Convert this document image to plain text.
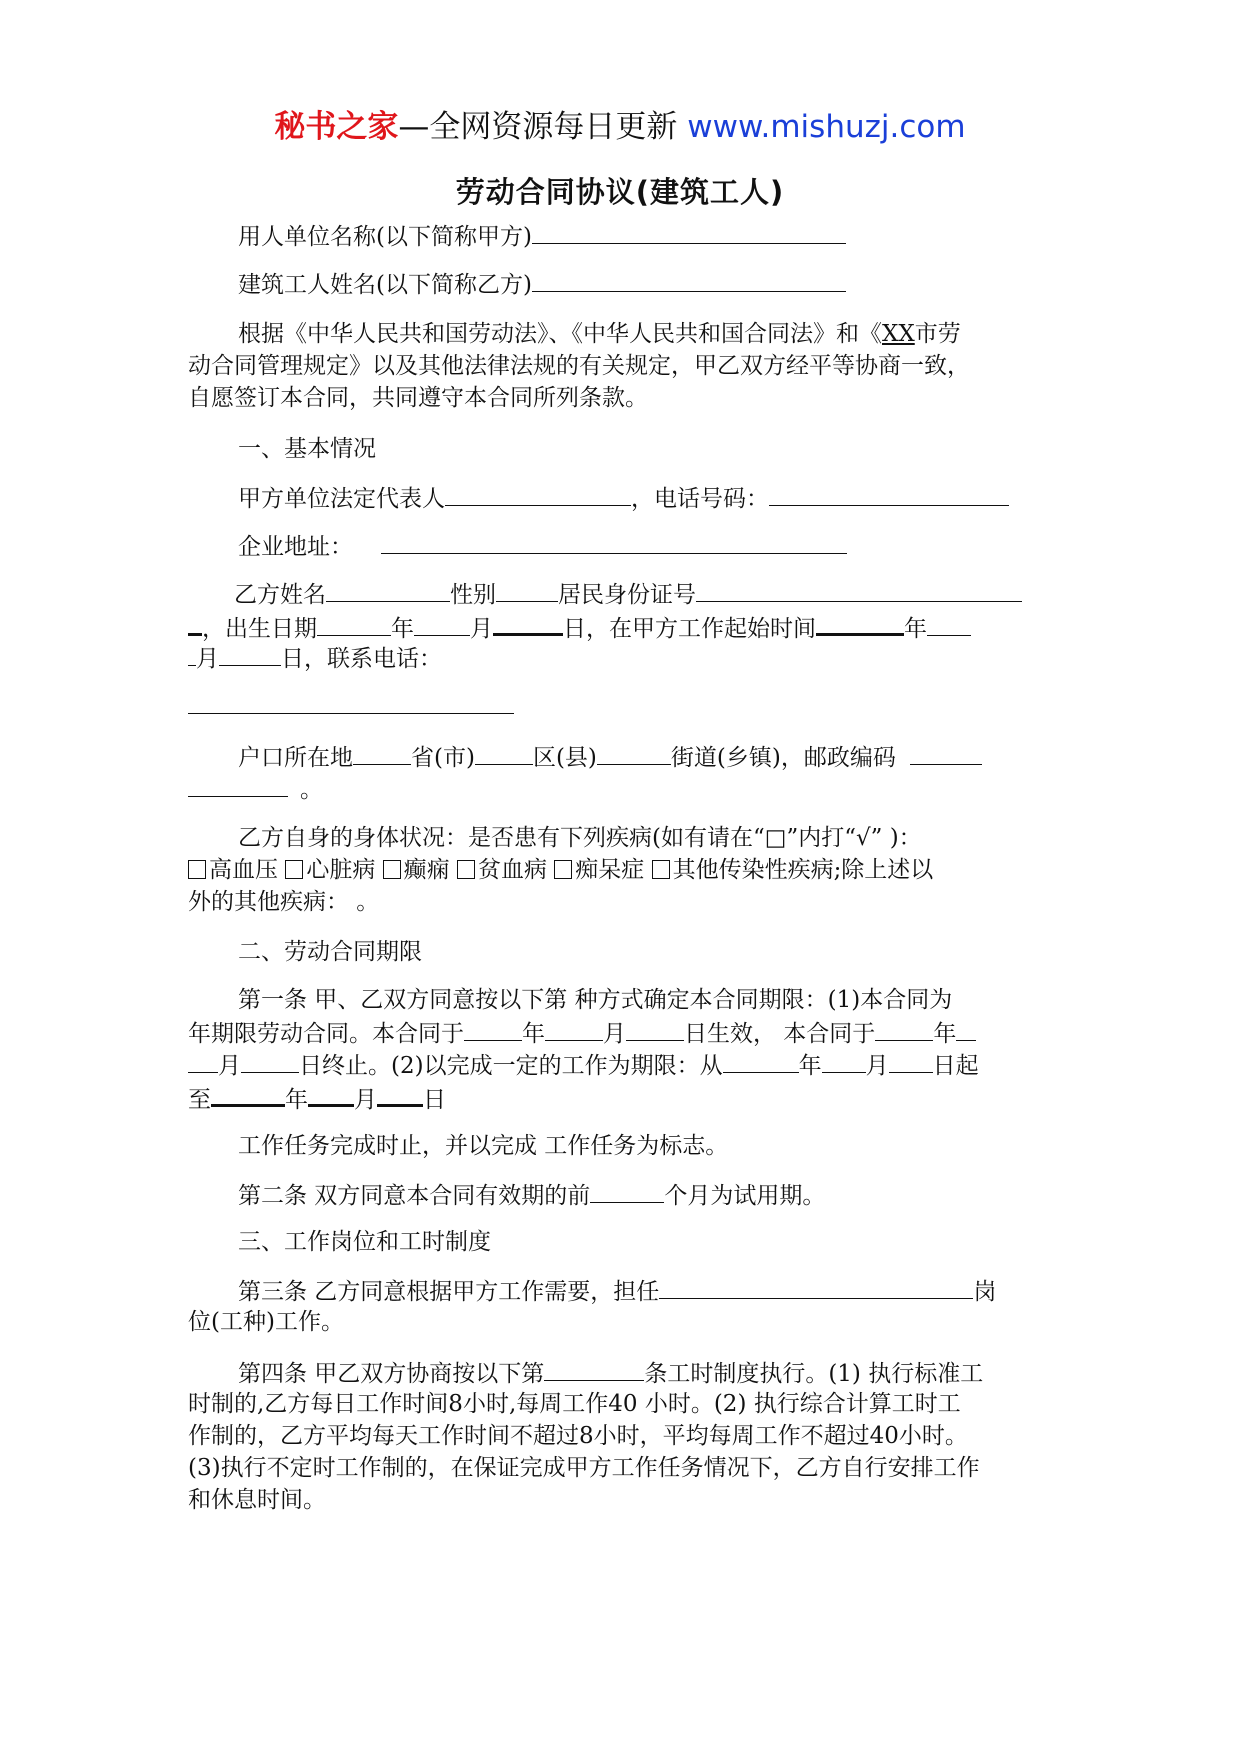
秘书之家—全网资源每日更新 www.mishuzj.com
劳动合同协议(建筑工人)
用人单位名称(以下简称甲方)
建筑工人姓名(以下简称乙方)
根据《中华人民共和国劳动法》、《中华人民共和国合同法》和《XX市劳
动合同管理规定》以及其他法律法规的有关规定，甲乙双方经平等协商一致，
自愿签订本合同，共同遵守本合同所列条款。
一、基本情况
甲方单位法定代表人	，电话号码：
企业地址：
乙方姓名	性别	居民身份证号
，出生日期	年 月	日，在甲方工作起始时间	年
月	日，联系电话：
户口所在地	省(市)	区(县)	街道(乡镇)，邮政编码
。
乙方自身的身体状况：是否患有下列疾病(如有请在“□”内打“√” )：
高血压 心脏病 癫痫 贫血病 痴呆症 其他传染性疾病;除上述以
外的其他疾病： 。
二、劳动合同期限
第一条 甲、乙双方同意按以下第 种方式确定本合同期限：(1)本合同为
年期限劳动合同。本合同于	年	月	日生效， 本合同于	年
月	日终止。(2)以完成一定的工作为期限：从	年 月 日起
至	年 月 日
工作任务完成时止，并以完成 工作任务为标志。
第二条 双方同意本合同有效期的前	个月为试用期。
三、工作岗位和工时制度
第三条 乙方同意根据甲方工作需要，担任	岗
位(工种)工作。
第四条 甲乙双方协商按以下第	条工时制度执行。(1) 执行标准工
时制的,乙方每日工作时间8小时,每周工作40 小时。(2) 执行综合计算工时工
作制的，乙方平均每天工作时间不超过8小时，平均每周工作不超过40小时。
(3)执行不定时工作制的，在保证完成甲方工作任务情况下，乙方自行安排工作
和休息时间。
